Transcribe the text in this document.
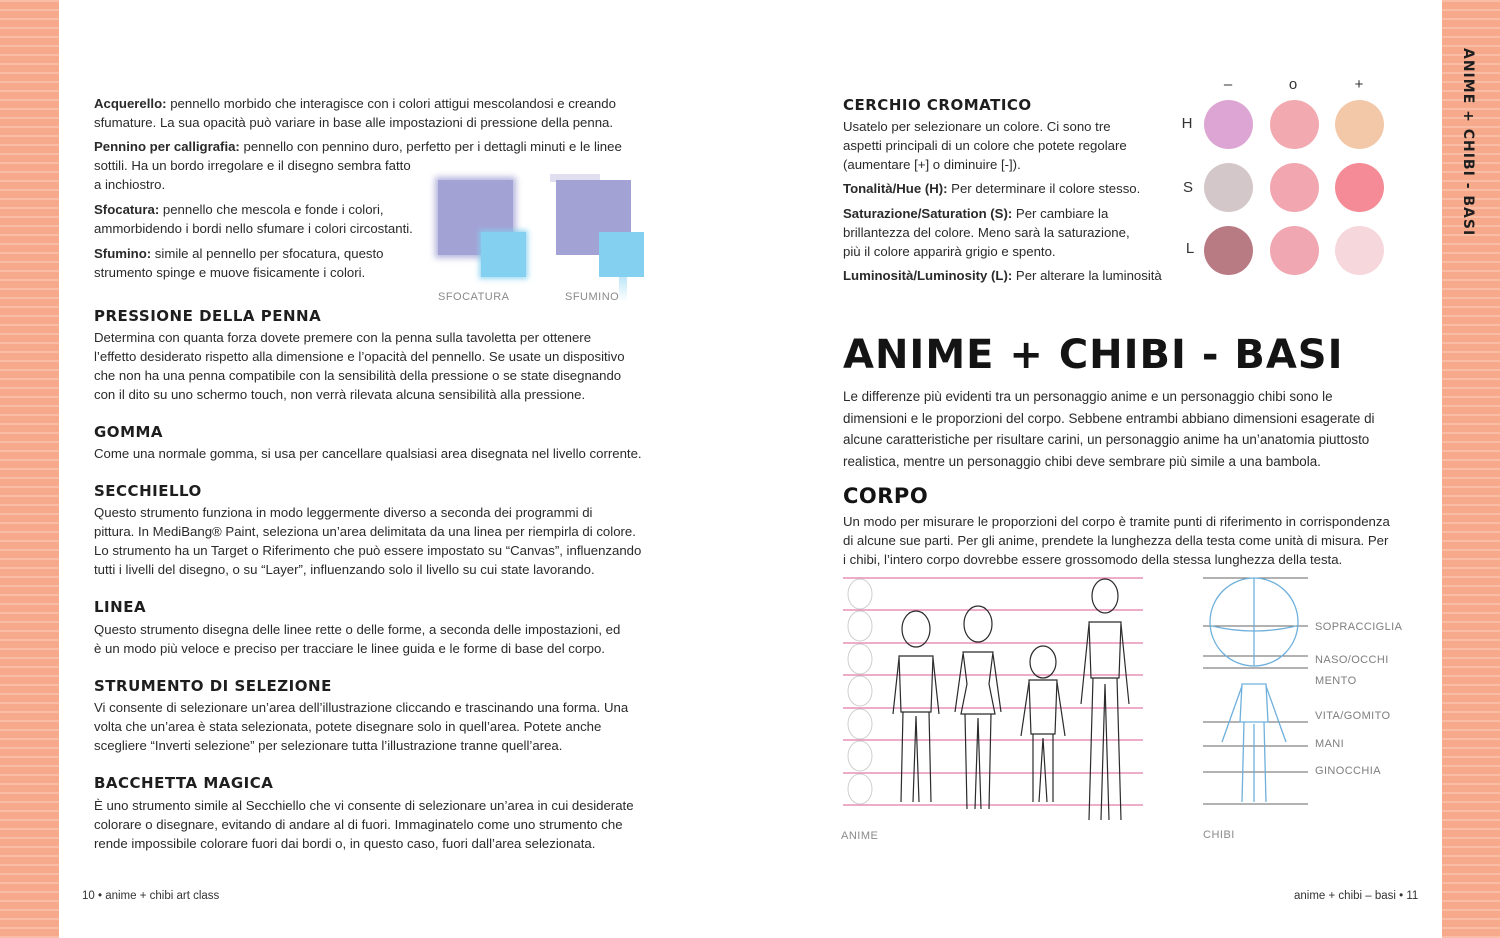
ANIME + CHIBI - BASI

Acquerello: pennello morbido che interagisce con i colori attigui mescolandosi e creando
sfumature. La sua opacità può variare in base alle impostazioni di pressione della penna.

Pennino per calligrafia: pennello con pennino duro, perfetto per i dettagli minuti e le linee
sottili. Ha un bordo irregolare e il disegno sembra fatto
a inchiostro.

Sfocatura: pennello che mescola e fonde i colori,
ammorbidendo i bordi nello sfumare i colori circostanti.

Sfumino: simile al pennello per sfocatura, questo
strumento spinge e muove fisicamente i colori.

SFOCATURA	SFUMINO
PRESSIONE DELLA PENNA

Determina con quanta forza dovete premere con la penna sulla tavoletta per ottenere
l’effetto desiderato rispetto alla dimensione e l’opacità del pennello. Se usate un dispositivo
che non ha una penna compatibile con la sensibilità della pressione o se state disegnando
con il dito su uno schermo touch, non verrà rilevata alcuna sensibilità alla pressione.

GOMMA

Come una normale gomma, si usa per cancellare qualsiasi area disegnata nel livello corrente.

SECCHIELLO

Questo strumento funziona in modo leggermente diverso a seconda dei programmi di
pittura. In MediBang® Paint, seleziona un’area delimitata da una linea per riempirla di colore.
Lo strumento ha un Target o Riferimento che può essere impostato su “Canvas”, influenzando
tutti i livelli del disegno, o su “Layer”, influenzando solo il livello su cui state lavorando.

LINEA

Questo strumento disegna delle linee rette o delle forme, a seconda delle impostazioni, ed
è un modo più veloce e preciso per tracciare le linee guida e le forme di base del corpo.

STRUMENTO DI SELEZIONE

Vi consente di selezionare un’area dell’illustrazione cliccando e trascinando una forma. Una
volta che un’area è stata selezionata, potete disegnare solo in quell’area. Potete anche
scegliere “Inverti selezione” per selezionare tutta l’illustrazione tranne quell’area.

BACCHETTA MAGICA

È uno strumento simile al Secchiello che vi consente di selezionare un’area in cui desiderate
colorare o disegnare, evitando di andare al di fuori. Immaginatelo come uno strumento che
rende impossibile colorare fuori dai bordi o, in questo caso, fuori dall’area selezionata.

10 • anime + chibi art class
CERCHIO CROMATICO

Usatelo per selezionare un colore. Ci sono tre
aspetti principali di un colore che potete regolare
(aumentare [+] o diminuire [-]).

Tonalità/Hue (H): Per determinare il colore stesso.

Saturazione/Saturation (S): Per cambiare la
brillantezza del colore. Meno sarà la saturazione,
più il colore apparirà grigio e spento.

Luminosità/Luminosity (L): Per alterare la luminosità

–	o	+
H
S
L
ANIME + CHIBI - BASI

Le differenze più evidenti tra un personaggio anime e un personaggio chibi sono le
dimensioni e le proporzioni del corpo. Sebbene entrambi abbiano dimensioni esagerate di
alcune caratteristiche per risultare carini, un personaggio anime ha un’anatomia piuttosto
realistica, mentre un personaggio chibi deve sembrare più simile a una bambola.

CORPO

Un modo per misurare le proporzioni del corpo è tramite punti di riferimento in corrispondenza
di alcune sue parti. Per gli anime, prendete la lunghezza della testa come unità di misura. Per
i chibi, l’intero corpo dovrebbe essere grossomodo della stessa lunghezza della testa.

ANIME
SOPRACCIGLIA
NASO/OCCHI
MENTO
VITA/GOMITO
MANI
GINOCCHIA
CHIBI
anime + chibi – basi • 11
